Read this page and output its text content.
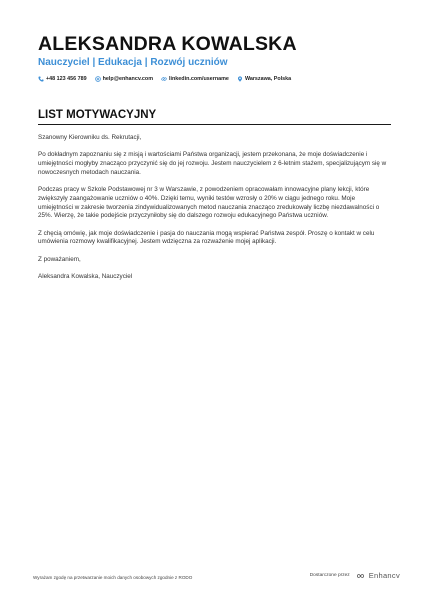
ALEKSANDRA KOWALSKA
Nauczyciel | Edukacja | Rozwój uczniów
+48 123 456 789	help@enhancv.com	linkedin.com/username	Warszawa, Polska
LIST MOTYWACYJNY

Szanowny Kierowniku ds. Rekrutacji,

Po dokładnym zapoznaniu się z misją i wartościami Państwa organizacji, jestem przekonana, że moje doświadczenie i umiejętności mogłyby znacząco przyczynić się do jej rozwoju. Jestem nauczycielem z 6-letnim stażem, specjalizującym się w nowoczesnych metodach nauczania.

Podczas pracy w Szkole Podstawowej nr 3 w Warszawie, z powodzeniem opracowałam innowacyjne plany lekcji, które zwiększyły zaangażowanie uczniów o 40%. Dzięki temu, wyniki testów wzrosły o 20% w ciągu jednego roku. Moje umiejętności w zakresie tworzenia zindywidualizowanych metod nauczania znacząco zredukowały liczbę niezdawalności o 25%. Wierzę, że takie podejście przyczyniłoby się do dalszego rozwoju edukacyjnego Państwa uczniów.

Z chęcią omówię, jak moje doświadczenie i pasja do nauczania mogą wspierać Państwa zespół. Proszę o kontakt w celu umówienia rozmowy kwalifikacyjnej. Jestem wdzięczna za rozważenie mojej aplikacji.

Z poważaniem,

Aleksandra Kowalska, Nauczyciel

Wyrażam zgodę na przetwarzanie moich danych osobowych zgodnie z RODO	Dostarczone przez	Enhancv
